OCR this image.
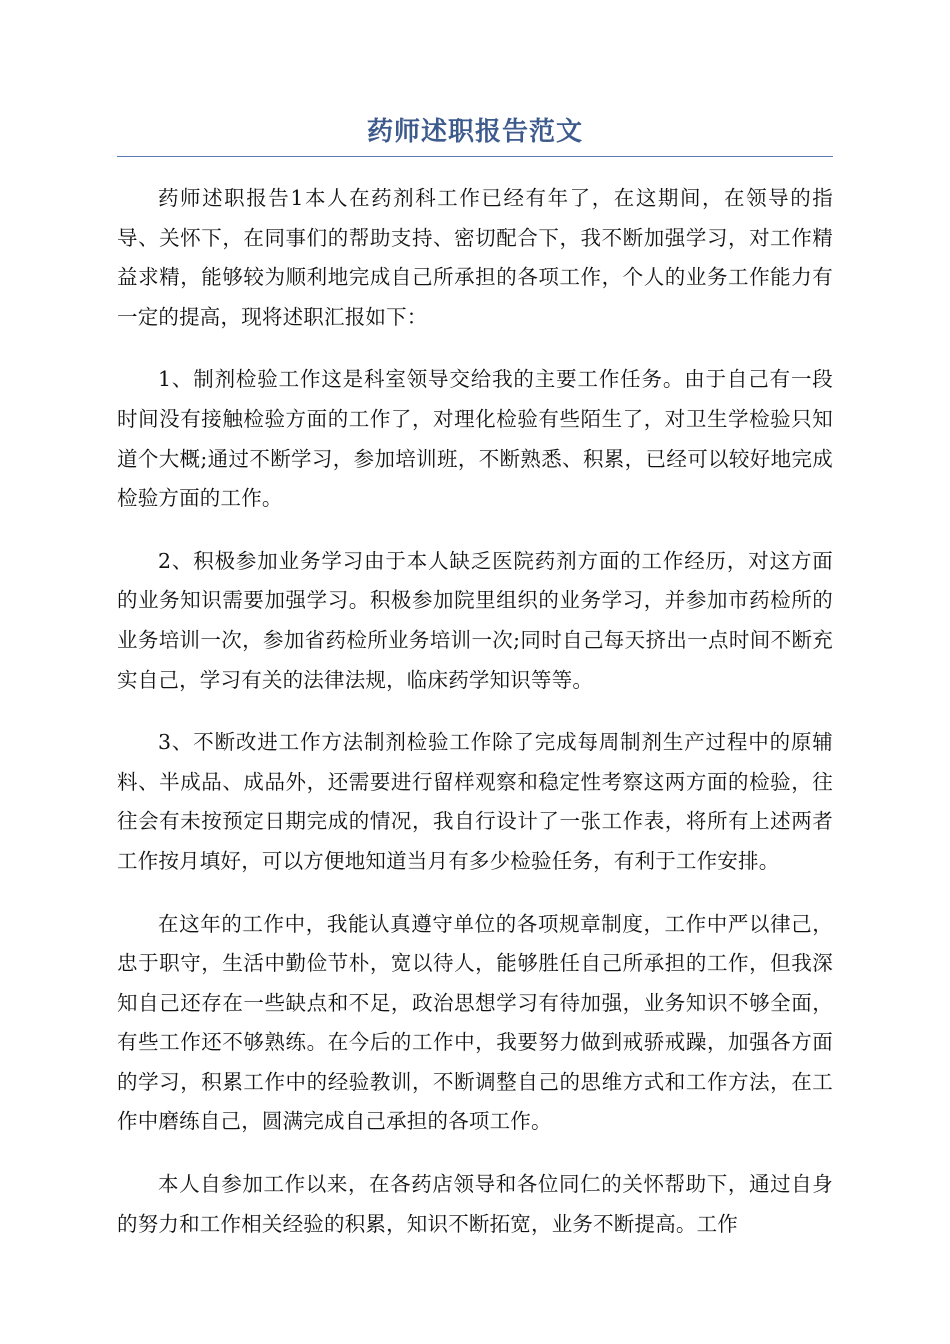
药师述职报告范文

药师述职报告1本人在药剂科工作已经有年了，在这期间，在领导的指导、关怀下，在同事们的帮助支持、密切配合下，我不断加强学习，对工作精益求精，能够较为顺利地完成自己所承担的各项工作，个人的业务工作能力有一定的提高，现将述职汇报如下：

1、制剂检验工作这是科室领导交给我的主要工作任务。由于自己有一段时间没有接触检验方面的工作了，对理化检验有些陌生了，对卫生学检验只知道个大概;通过不断学习，参加培训班，不断熟悉、积累，已经可以较好地完成检验方面的工作。

2、积极参加业务学习由于本人缺乏医院药剂方面的工作经历，对这方面的业务知识需要加强学习。积极参加院里组织的业务学习，并参加市药检所的业务培训一次，参加省药检所业务培训一次;同时自己每天挤出一点时间不断充实自己，学习有关的法律法规，临床药学知识等等。

3、不断改进工作方法制剂检验工作除了完成每周制剂生产过程中的原辅料、半成品、成品外，还需要进行留样观察和稳定性考察这两方面的检验，往往会有未按预定日期完成的情况，我自行设计了一张工作表，将所有上述两者工作按月填好，可以方便地知道当月有多少检验任务，有利于工作安排。

在这年的工作中，我能认真遵守单位的各项规章制度，工作中严以律己，忠于职守，生活中勤俭节朴，宽以待人，能够胜任自己所承担的工作，但我深知自己还存在一些缺点和不足，政治思想学习有待加强，业务知识不够全面，有些工作还不够熟练。在今后的工作中，我要努力做到戒骄戒躁，加强各方面的学习，积累工作中的经验教训，不断调整自己的思维方式和工作方法，在工作中磨练自己，圆满完成自己承担的各项工作。

本人自参加工作以来，在各药店领导和各位同仁的关怀帮助下，通过自身的努力和工作相关经验的积累，知识不断拓宽，业务不断提高。工作
